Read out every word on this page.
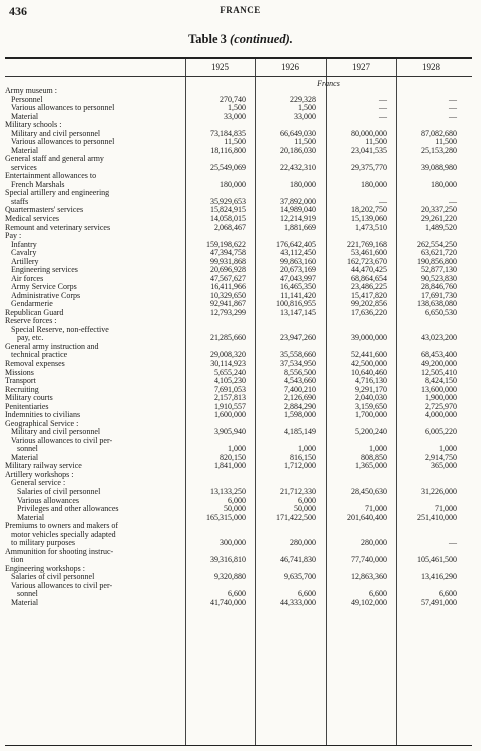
436	FRANCE
Table 3 (continued).
1925	1926	1927	1928
Francs
Army museum :
Personnel	270,740	229,328	—	—
Various allowances to personnel	1,500	1,500	—	—
Material	33,000	33,000	—	—
Military schools :
Military and civil personnel	73,184,835	66,649,030	80,000,000	87,082,680
Various allowances to personnel	11,500	11,500	11,500	11,500
Material	18,116,800	20,186,030	23,041,535	25,153,280
General staff and general army
services	25,549,069	22,432,310	29,375,770	39,088,980
Entertainment allowances to
French Marshals	180,000	180,000	180,000	180,000
Special artillery and engineering
staffs	35,929,653	37,892,000	—	—
Quartermasters' services	15,824,915	14,989,040	18,202,750	20,337,250
Medical services	14,058,015	12,214,919	15,139,060	29,261,220
Remount and veterinary services	2,068,467	1,881,669	1,473,510	1,489,520
Pay :
Infantry	159,198,622	176,642,405	221,769,168	262,554,250
Cavalry	47,394,758	43,112,450	53,461,600	63,621,720
Artillery	99,931,868	99,863,160	162,723,670	190,856,800
Engineering services	20,696,928	20,673,169	44,470,425	52,877,130
Air forces	47,567,627	47,043,997	68,864,654	90,523,830
Army Service Corps	16,411,966	16,465,350	23,486,225	28,846,760
Administrative Corps	10,329,650	11,141,420	15,417,820	17,691,730
Gendarmerie	92,941,867	100,816,955	99,202,856	138,638,080
Republican Guard	12,793,299	13,147,145	17,636,220	6,650,530
Reserve forces :
Special Reserve, non-effective
pay, etc.	21,285,660	23,947,260	39,000,000	43,023,200
General army instruction and
technical practice	29,008,320	35,558,660	52,441,600	68,453,400
Removal expenses	30,114,923	37,534,950	42,500,000	49,200,000
Missions	5,655,240	8,556,500	10,640,460	12,505,410
Transport	4,105,230	4,543,660	4,716,130	8,424,150
Recruiting	7,691,053	7,400,210	9,291,170	13,600,000
Military courts	2,157,813	2,126,690	2,040,030	1,900,000
Penitentiaries	1,910,557	2,884,290	3,159,650	2,725,970
Indemnities to civilians	1,600,000	1,598,000	1,700,000	4,000,000
Geographical Service :
Military and civil personnel	3,905,940	4,185,149	5,200,240	6,005,220
Various allowances to civil per-
sonnel	1,000	1,000	1,000	1,000
Material	820,150	816,150	808,850	2,914,750
Military railway service	1,841,000	1,712,000	1,365,000	365,000
Artillery workshops :
General service :
Salaries of civil personnel	13,133,250	21,712,330	28,450,630	31,226,000
Various allowances	6,000	6,000
Privileges and other allowances	50,000	50,000	71,000	71,000
Material	165,315,000	171,422,500	201,640,400	251,410,000
Premiums to owners and makers of
motor vehicles specially adapted
to military purposes	300,000	280,000	280,000	—
Ammunition for shooting instruc-
tion	39,316,810	46,741,830	77,740,000	105,461,500
Engineering workshops :
Salaries of civil personnel	9,320,880	9,635,700	12,863,360	13,416,290
Various allowances to civil per-
sonnel	6,600	6,600	6,600	6,600
Material	41,740,000	44,333,000	49,102,000	57,491,000
